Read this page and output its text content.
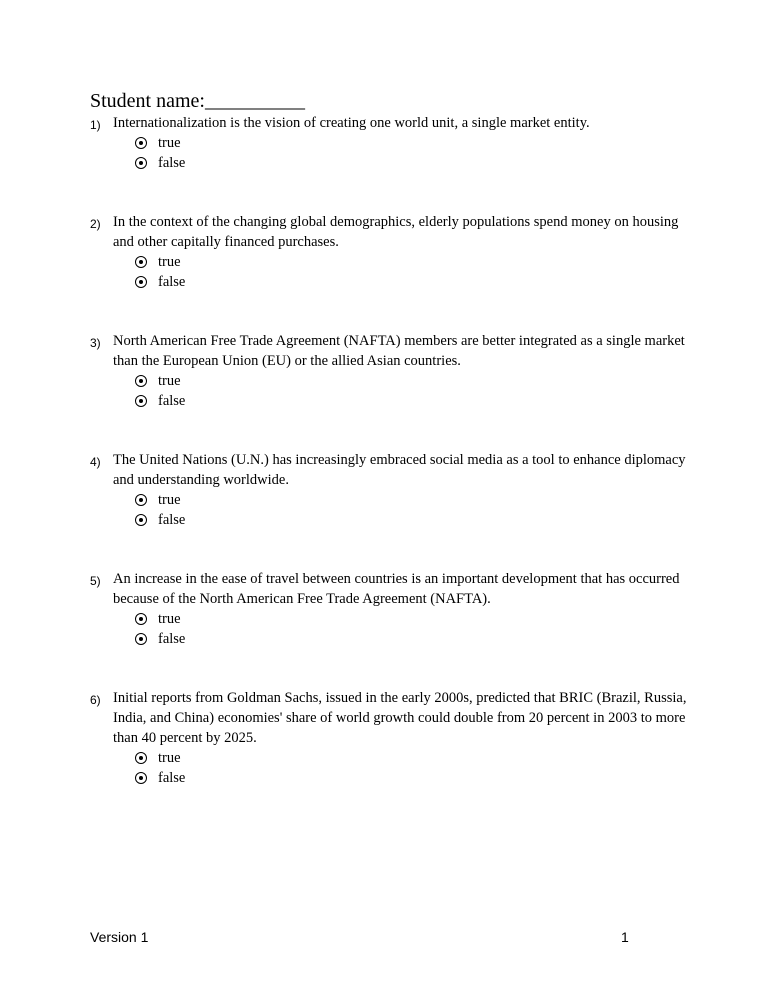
Student name:__________
1) Internationalization is the vision of creating one world unit, a single market entity.
true
false
2) In the context of the changing global demographics, elderly populations spend money on housing and other capitally financed purchases.
true
false
3) North American Free Trade Agreement (NAFTA) members are better integrated as a single market than the European Union (EU) or the allied Asian countries.
true
false
4) The United Nations (U.N.) has increasingly embraced social media as a tool to enhance diplomacy and understanding worldwide.
true
false
5) An increase in the ease of travel between countries is an important development that has occurred because of the North American Free Trade Agreement (NAFTA).
true
false
6) Initial reports from Goldman Sachs, issued in the early 2000s, predicted that BRIC (Brazil, Russia, India, and China) economies' share of world growth could double from 20 percent in 2003 to more than 40 percent by 2025.
true
false
Version 1	1
